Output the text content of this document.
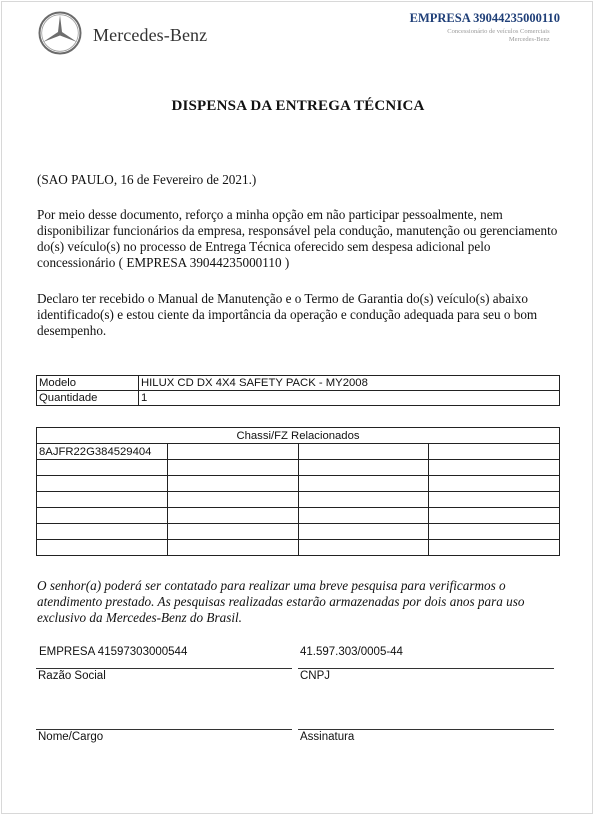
Mercedes-Benz
EMPRESA 39044235000110
Concessionário de veículos Comerciais
Mercedes-Benz
DISPENSA DA ENTREGA TÉCNICA
(SAO PAULO, 16 de Fevereiro de 2021.)
Por meio desse documento, reforço a minha opção em não participar pessoalmente, nem disponibilizar funcionários da empresa, responsável pela condução, manutenção ou gerenciamento do(s) veículo(s) no processo de Entrega Técnica oferecido sem despesa adicional pelo concessionário ( EMPRESA 39044235000110 )
Declaro ter recebido o Manual de Manutenção e o Termo de Garantia do(s) veículo(s) abaixo identificado(s) e estou ciente da importância da operação e condução adequada para seu o bom desempenho.
Modelo	HILUX CD DX 4X4 SAFETY PACK - MY2008
Quantidade	1
Chassi/FZ Relacionados			
8AJFR22G384529404			

O senhor(a) poderá ser contatado para realizar uma breve pesquisa para verificarmos o atendimento prestado. As pesquisas realizadas estarão armazenadas por dois anos para uso exclusivo da Mercedes-Benz do Brasil.
EMPRESA 41597303000544
Razão Social
41.597.303/0005-44
CNPJ
Nome/Cargo	Assinatura
